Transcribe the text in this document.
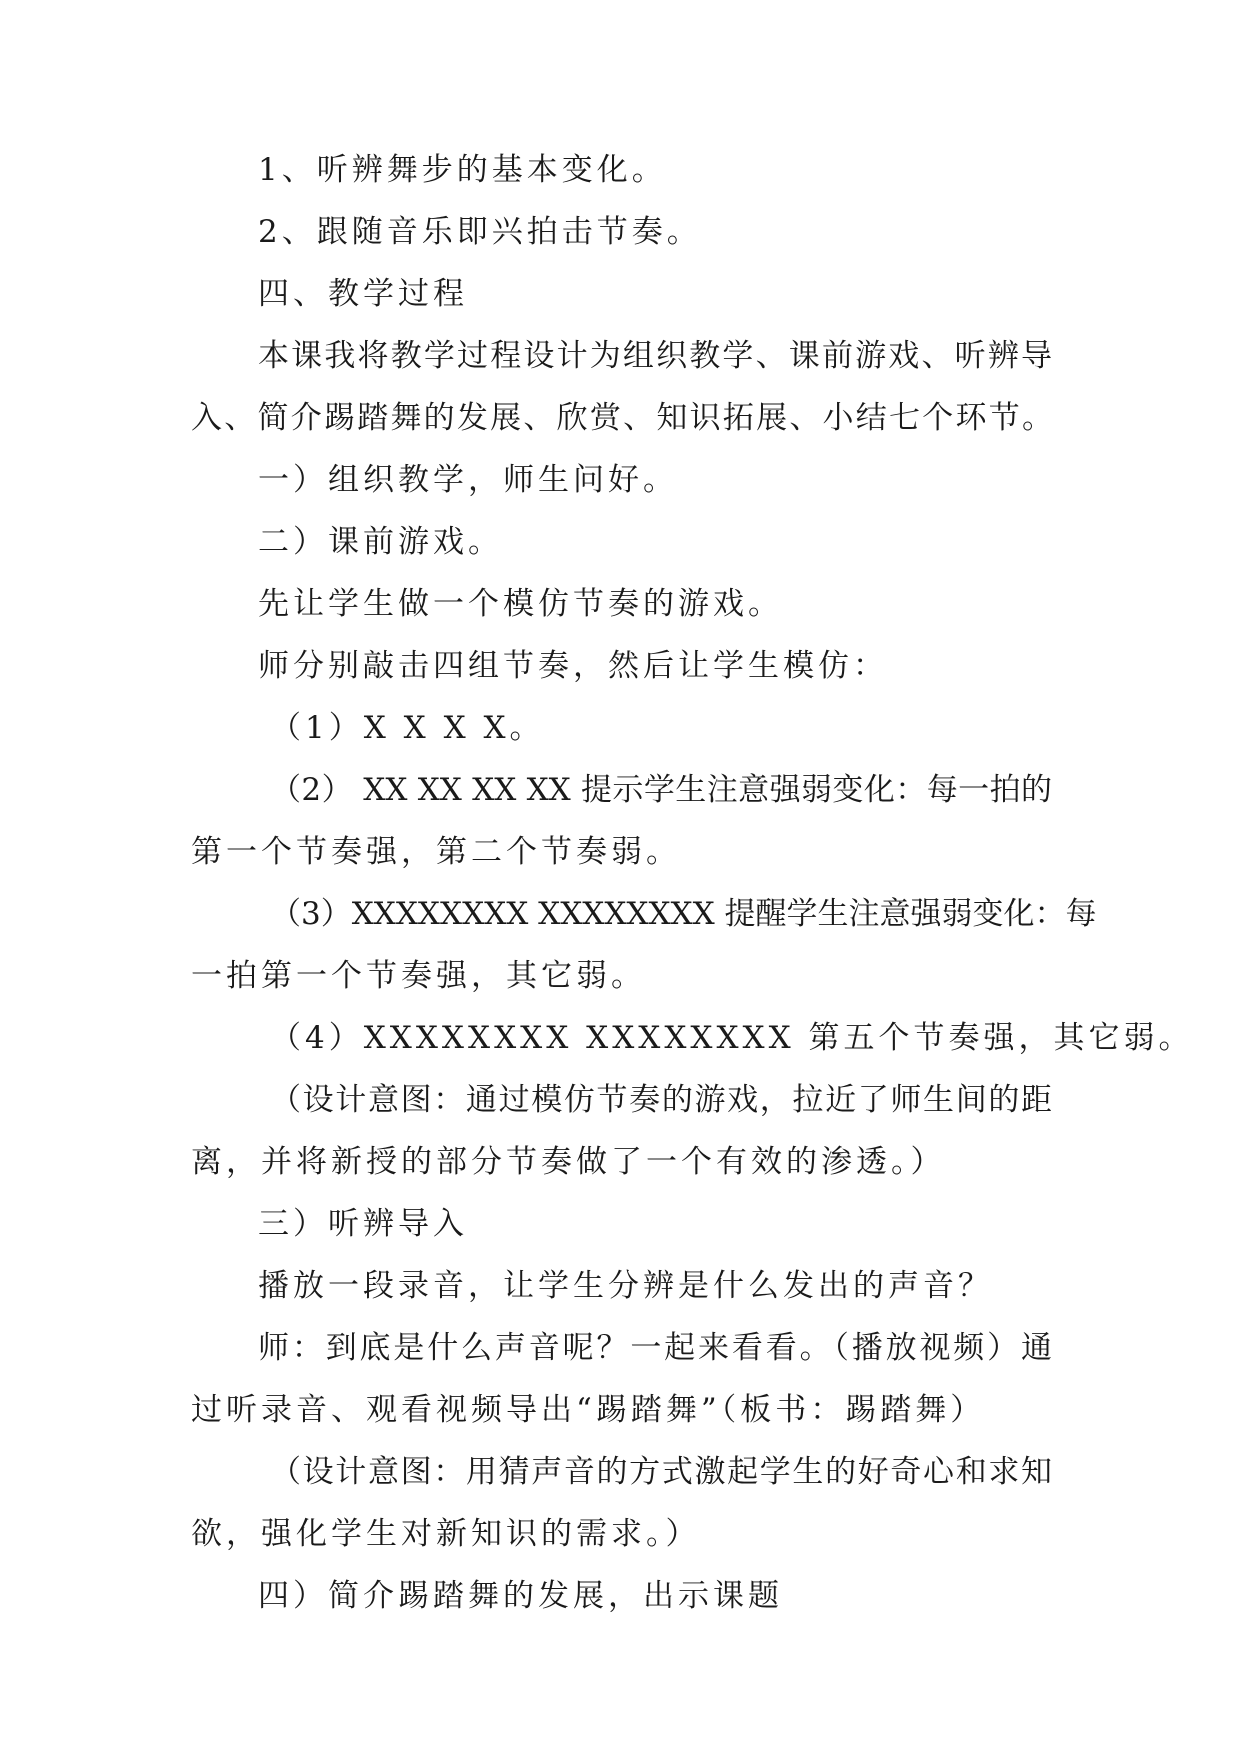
1、听辨舞步的基本变化。
2、跟随音乐即兴拍击节奏。
四、教学过程
本课我将教学过程设计为组织教学、课前游戏、听辨导
入、简介踢踏舞的发展、欣赏、知识拓展、小结七个环节。
一）组织教学，师生问好。
二）课前游戏。
先让学生做一个模仿节奏的游戏。
师分别敲击四组节奏，然后让学生模仿：
（1）X X X X。
（2） XX XX XX XX 提示学生注意强弱变化：每一拍的
第一个节奏强，第二个节奏弱。
（3）XXXXXXXX XXXXXXXX 提醒学生注意强弱变化：每
一拍第一个节奏强，其它弱。
（4）XXXXXXXX XXXXXXXX 第五个节奏强，其它弱。
（设计意图：通过模仿节奏的游戏，拉近了师生间的距
离，并将新授的部分节奏做了一个有效的渗透。）
三）听辨导入
播放一段录音，让学生分辨是什么发出的声音？
师：到底是什么声音呢？一起来看看。（播放视频）通
过听录音、观看视频导出“踢踏舞”（板书：踢踏舞）
（设计意图：用猜声音的方式激起学生的好奇心和求知
欲，强化学生对新知识的需求。）
四）简介踢踏舞的发展，出示课题
